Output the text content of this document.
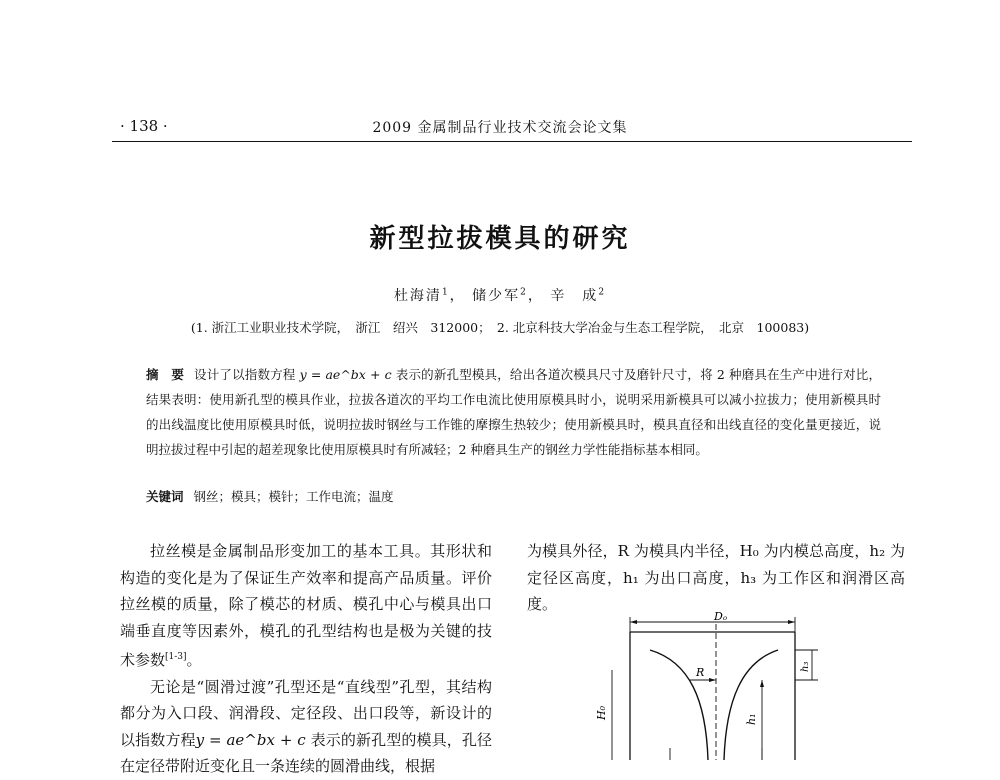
· 138 ·	2009 金属制品行业技术交流会论文集
新型拉拔模具的研究
杜海清$^1$， 储少军$^2$， 辛　成$^2$
(1. 浙江工业职业技术学院，　浙江　绍兴　312000；　2. 北京科技大学冶金与生态工程学院，　北京　100083)
摘　要 设计了以指数方程 y = ae^bx + c 表示的新孔型模具，给出各道次模具尺寸及磨针尺寸，将 2 种磨具在生产中进行对比，结果表明：使用新孔型的模具作业，拉拔各道次的平均工作电流比使用原模具时小，说明采用新模具可以减小拉拔力；使用新模具时的出线温度比使用原模具时低，说明拉拔时钢丝与工作锥的摩擦生热较少；使用新模具时，模具直径和出线直径的变化量更接近，说明拉拔过程中引起的超差现象比使用原模具时有所减轻；2 种磨具生产的钢丝力学性能指标基本相同。
关键词 钢丝；模具；模针；工作电流；温度

拉丝模是金属制品形变加工的基本工具。其形状和构造的变化是为了保证生产效率和提高产品质量。评价拉丝模的质量，除了模芯的材质、模孔中心与模具出口端垂直度等因素外，模孔的孔型结构也是极为关键的技术参数[1-3]。

无论是“圆滑过渡”孔型还是“直线型”孔型，其结构都分为入口段、润滑段、定径段、出口段等，新设计的以指数方程y = ae^bx + c 表示的新孔型的模具，孔径在定径带附近变化且一条连续的圆滑曲线，根据

为模具外径，R 为模具内半径，H₀ 为内模总高度，h₂ 为定径区高度，h₁ 为出口高度，h₃ 为工作区和润滑区高度。

Dₒ
R
H₀	h₁
h₃
